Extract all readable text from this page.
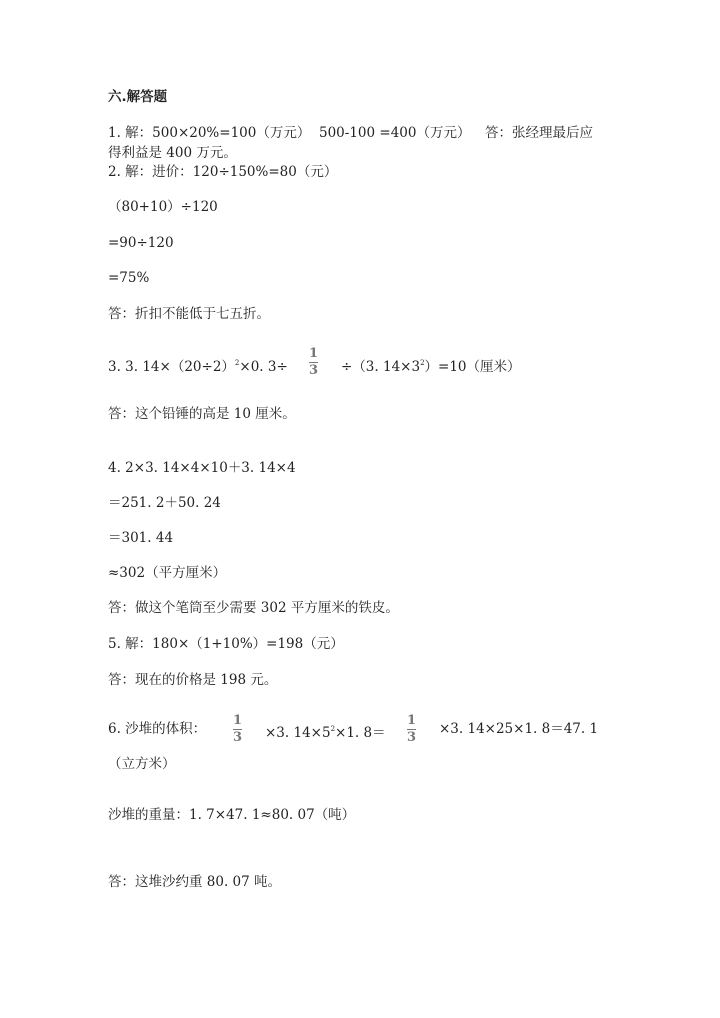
六.解答题
1. 解：500×20%=100（万元） 500-100 =400（万元） 答：张经理最后应
得利益是 400 万元。
2. 解：进价：120÷150%=80（元）
（80+10）÷120
=90÷120
=75%
答：折扣不能低于七五折。
3. 3. $14\times(20\div 2)^2\times 0$. 3÷
1
3 ÷（3. $14\times 3^2)=10$（厘米）
答：这个铅锤的高是 10 厘米。
4. 2×3. 14×4×10＋3. 14×4
＝251. 2＋50. 24
＝301. 44
≈302（平方厘米）
答：做这个笔筒至少需要 302 平方厘米的铁皮。
5. 解：180×（1+10%）=198（元）
答：现在的价格是 198 元。
6. 沙堆的体积：
1
3 ×3. $14\times 5^2\times 1$. 8＝
1
3
×3. 14×25×1. 8＝47. 1
（立方米）
沙堆的重量：1. 7×47. 1≈80. 07（吨）
答：这堆沙约重 80. 07 吨。
